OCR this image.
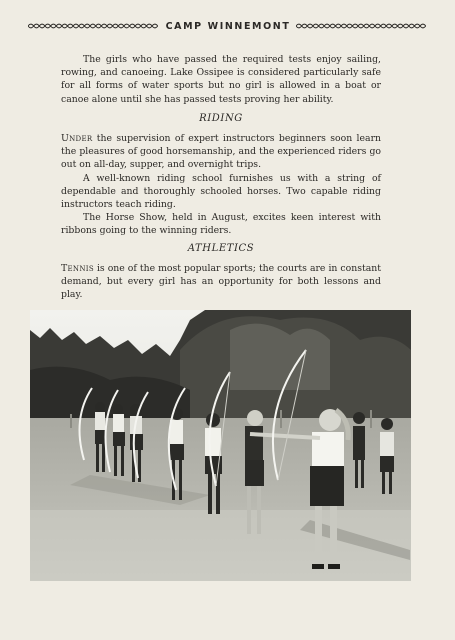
CAMP WINNEMONT

The girls who have passed the required tests enjoy sailing, rowing, and canoeing. Lake Ossipee is considered particularly safe for all forms of water sports but no girl is allowed in a boat or canoe alone until she has passed tests proving her ability.

RIDING

Under the supervision of expert instructors beginners soon learn the pleasures of good horsemanship, and the experienced riders go out on all-day, supper, and overnight trips.

A well-known riding school furnishes us with a string of dependable and thoroughly schooled horses. Two capable riding instructors teach riding.

The Horse Show, held in August, excites keen interest with ribbons going to the winning riders.

ATHLETICS

Tennis is one of the most popular sports; the courts are in constant demand, but every girl has an opportunity for both lessons and play.
